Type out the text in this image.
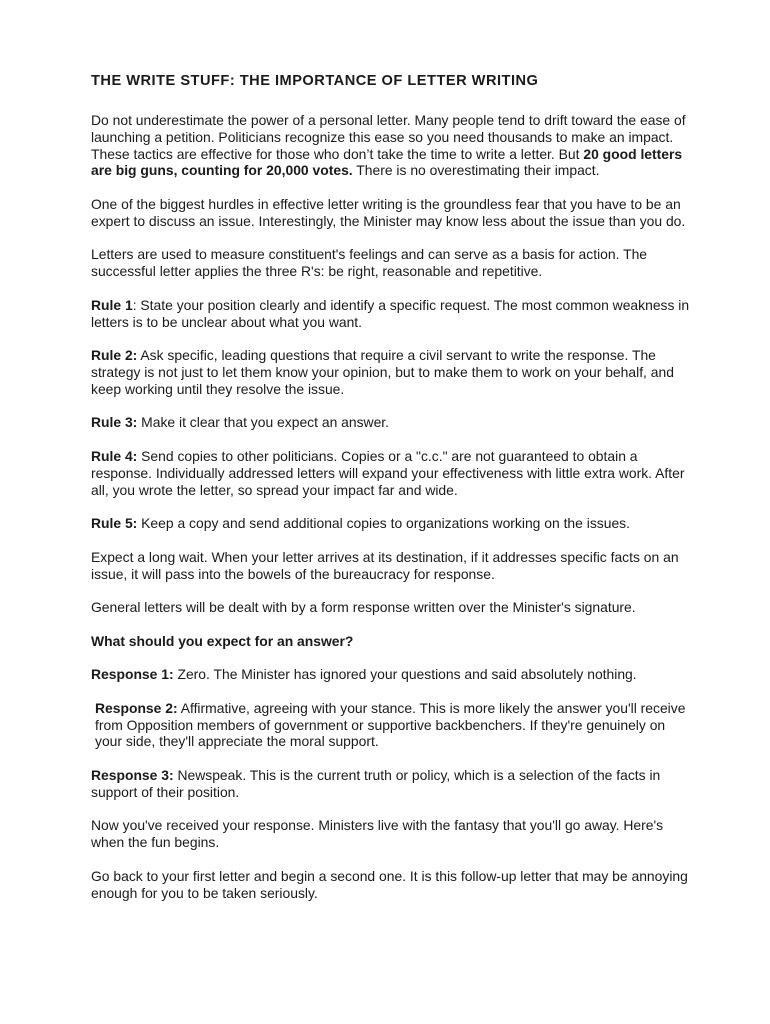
THE WRITE STUFF: THE IMPORTANCE OF LETTER WRITING

Do not underestimate the power of a personal letter. Many people tend to drift toward the ease of launching a petition. Politicians recognize this ease so you need thousands to make an impact. These tactics are effective for those who don’t take the time to write a letter. But 20 good letters are big guns, counting for 20,000 votes. There is no overestimating their impact.

One of the biggest hurdles in effective letter writing is the groundless fear that you have to be an expert to discuss an issue. Interestingly, the Minister may know less about the issue than you do.

Letters are used to measure constituent's feelings and can serve as a basis for action. The successful letter applies the three R's: be right, reasonable and repetitive.

Rule 1: State your position clearly and identify a specific request. The most common weakness in letters is to be unclear about what you want.

Rule 2: Ask specific, leading questions that require a civil servant to write the response. The strategy is not just to let them know your opinion, but to make them to work on your behalf, and keep working until they resolve the issue.

Rule 3: Make it clear that you expect an answer.

Rule 4: Send copies to other politicians. Copies or a "c.c." are not guaranteed to obtain a response. Individually addressed letters will expand your effectiveness with little extra work. After all, you wrote the letter, so spread your impact far and wide.

Rule 5: Keep a copy and send additional copies to organizations working on the issues.

Expect a long wait. When your letter arrives at its destination, if it addresses specific facts on an issue, it will pass into the bowels of the bureaucracy for response.

General letters will be dealt with by a form response written over the Minister's signature.

What should you expect for an answer?

Response 1: Zero. The Minister has ignored your questions and said absolutely nothing.

Response 2: Affirmative, agreeing with your stance. This is more likely the answer you'll receive from Opposition members of government or supportive backbenchers. If they're genuinely on your side, they'll appreciate the moral support.

Response 3: Newspeak. This is the current truth or policy, which is a selection of the facts in support of their position.

Now you've received your response. Ministers live with the fantasy that you'll go away. Here's when the fun begins.

Go back to your first letter and begin a second one. It is this follow-up letter that may be annoying enough for you to be taken seriously.
